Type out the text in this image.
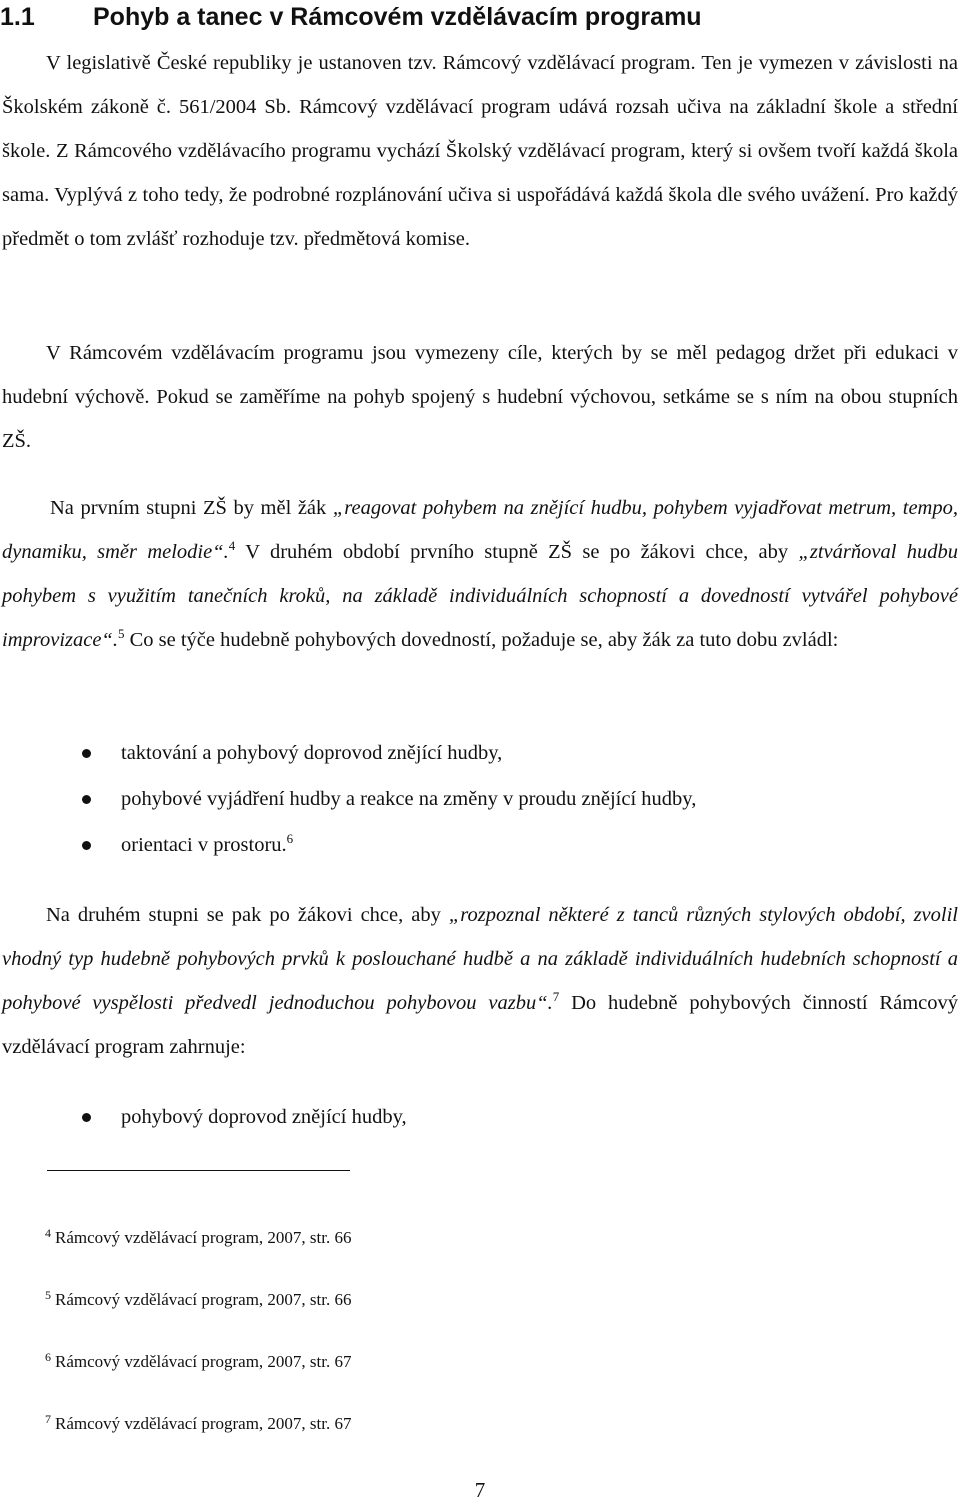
1.1 Pohyb a tanec v Rámcovém vzdělávacím programu

V legislativě České republiky je ustanoven tzv. Rámcový vzdělávací program. Ten je vymezen v závislosti na Školském zákoně č. 561/2004 Sb. Rámcový vzdělávací program udává rozsah učiva na základní škole a střední škole. Z Rámcového vzdělávacího programu vychází Školský vzdělávací program, který si ovšem tvoří každá škola sama. Vyplývá z toho tedy, že podrobné rozplánování učiva si uspořádává každá škola dle svého uvážení. Pro každý předmět o tom zvlášť rozhoduje tzv. předmětová komise.

V Rámcovém vzdělávacím programu jsou vymezeny cíle, kterých by se měl pedagog držet při edukaci v hudební výchově. Pokud se zaměříme na pohyb spojený s hudební výchovou, setkáme se s ním na obou stupních ZŠ.

Na prvním stupni ZŠ by měl žák „reagovat pohybem na znějící hudbu, pohybem vyjadřovat metrum, tempo, dynamiku, směr melodie“.$^4$ V druhém období prvního stupně ZŠ se po žákovi chce, aby „ztvárňoval hudbu pohybem s využitím tanečních kroků, na základě individuálních schopností a dovedností vytvářel pohybové improvizace“.$^5$ Co se týče hudebně pohybových dovedností, požaduje se, aby žák za tuto dobu zvládl:

taktování a pohybový doprovod znějící hudby,
pohybové vyjádření hudby a reakce na změny v proudu znějící hudby,
orientaci v prostoru.$^6$

Na druhém stupni se pak po žákovi chce, aby „rozpoznal některé z tanců různých stylových období, zvolil vhodný typ hudebně pohybových prvků k poslouchané hudbě a na základě individuálních hudebních schopností a pohybové vyspělosti předvedl jednoduchou pohybovou vazbu“.$^7$ Do hudebně pohybových činností Rámcový vzdělávací program zahrnuje:

pohybový doprovod znějící hudby,
$^4$ Rámcový vzdělávací program, 2007, str. 66
$^5$ Rámcový vzdělávací program, 2007, str. 66
$^6$ Rámcový vzdělávací program, 2007, str. 67
$^7$ Rámcový vzdělávací program, 2007, str. 67
7
